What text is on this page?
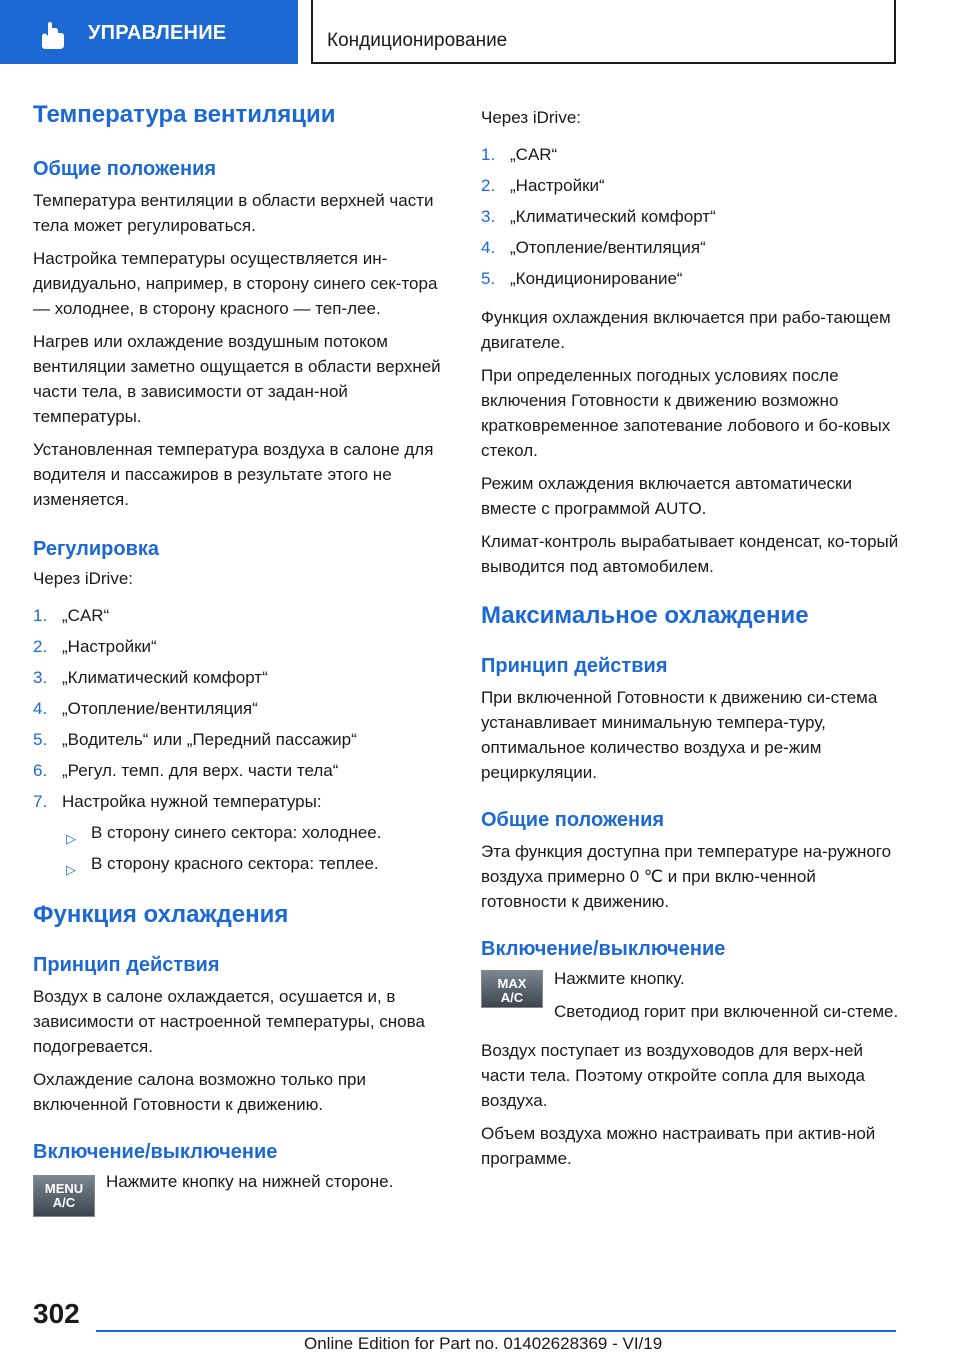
УПРАВЛЕНИЕ	Кондиционирование
Температура вентиляции
Общие положения

Температура вентиляции в области верхней части тела может регулироваться.

Настройка температуры осуществляется ин-дивидуально, например, в сторону синего сек-тора — холоднее, в сторону красного — теп-лее.

Нагрев или охлаждение воздушным потоком вентиляции заметно ощущается в области верхней части тела, в зависимости от задан-ной температуры.

Установленная температура воздуха в салоне для водителя и пассажиров в результате этого не изменяется.

Регулировка

Через iDrive:

1. „CAR“
2. „Настройки“
3. „Климатический комфорт“
4. „Отопление/вентиляция“
5. „Водитель“ или „Передний пассажир“
6. „Регул. темп. для верх. части тела“
7. Настройка нужной температуры:
▷ В сторону синего сектора: холоднее.
▷ В сторону красного сектора: теплее.
Функция охлаждения
Принцип действия

Воздух в салоне охлаждается, осушается и, в зависимости от настроенной температуры, снова подогревается.

Охлаждение салона возможно только при включенной Готовности к движению.

Включение/выключение
MENU
A/C
Нажмите кнопку на нижней стороне.

Через iDrive:

1. „CAR“
2. „Настройки“
3. „Климатический комфорт“
4. „Отопление/вентиляция“
5. „Кондиционирование“

Функция охлаждения включается при рабо-тающем двигателе.

При определенных погодных условиях после включения Готовности к движению возможно кратковременное запотевание лобового и бо-ковых стекол.

Режим охлаждения включается автоматически вместе с программой AUTO.

Климат-контроль вырабатывает конденсат, ко-торый выводится под автомобилем.

Максимальное охлаждение
Принцип действия

При включенной Готовности к движению си-стема устанавливает минимальную темпера-туру, оптимальное количество воздуха и ре-жим рециркуляции.

Общие положения

Эта функция доступна при температуре на-ружного воздуха примерно 0 ℃ и при вклю-ченной готовности к движению.

Включение/выключение
MAX
A/C
Нажмите кнопку.
Светодиод горит при включенной си-стеме.

Воздух поступает из воздуховодов для верх-ней части тела. Поэтому откройте сопла для выхода воздуха.

Объем воздуха можно настраивать при актив-ной программе.

302
Online Edition for Part no. 01402628369 - VI/19
